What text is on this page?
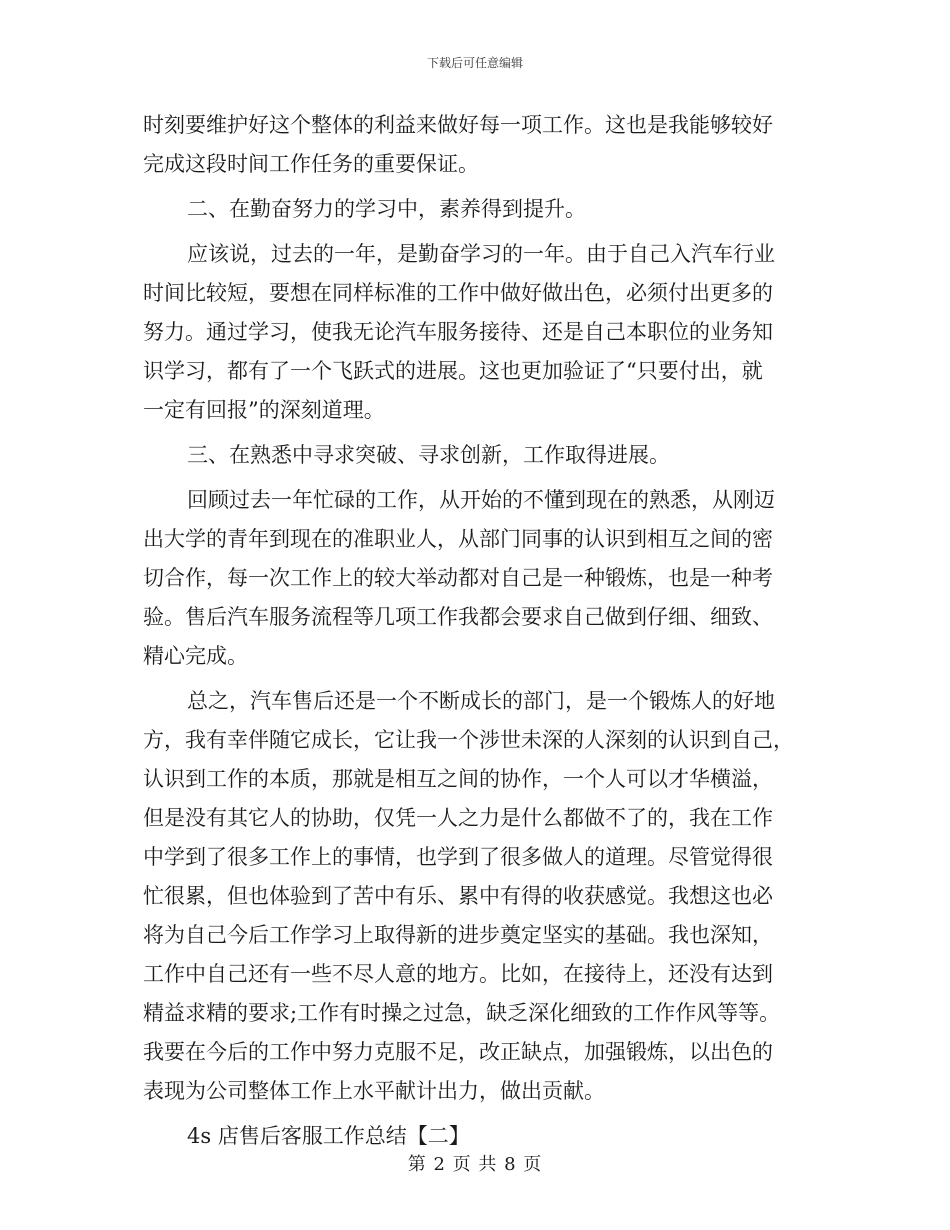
下载后可任意编辑
时刻要维护好这个整体的利益来做好每一项工作。这也是我能够较好
完成这段时间工作任务的重要保证。
二、在勤奋努力的学习中，素养得到提升。
应该说，过去的一年，是勤奋学习的一年。由于自己入汽车行业
时间比较短，要想在同样标准的工作中做好做出色，必须付出更多的
努力。通过学习，使我无论汽车服务接待、还是自己本职位的业务知
识学习，都有了一个飞跃式的进展。这也更加验证了“只要付出，就
一定有回报”的深刻道理。
三、在熟悉中寻求突破、寻求创新，工作取得进展。
回顾过去一年忙碌的工作，从开始的不懂到现在的熟悉，从刚迈
出大学的青年到现在的准职业人，从部门同事的认识到相互之间的密
切合作，每一次工作上的较大举动都对自己是一种锻炼，也是一种考
验。售后汽车服务流程等几项工作我都会要求自己做到仔细、细致、
精心完成。
总之，汽车售后还是一个不断成长的部门，是一个锻炼人的好地
方，我有幸伴随它成长，它让我一个涉世未深的人深刻的认识到自己，
认识到工作的本质，那就是相互之间的协作，一个人可以才华横溢，
但是没有其它人的协助，仅凭一人之力是什么都做不了的，我在工作
中学到了很多工作上的事情，也学到了很多做人的道理。尽管觉得很
忙很累，但也体验到了苦中有乐、累中有得的收获感觉。我想这也必
将为自己今后工作学习上取得新的进步奠定坚实的基础。我也深知，
工作中自己还有一些不尽人意的地方。比如，在接待上，还没有达到
精益求精的要求;工作有时操之过急，缺乏深化细致的工作作风等等。
我要在今后的工作中努力克服不足，改正缺点，加强锻炼，以出色的
表现为公司整体工作上水平献计出力，做出贡献。
4s 店售后客服工作总结【二】
第 2 页 共 8 页
